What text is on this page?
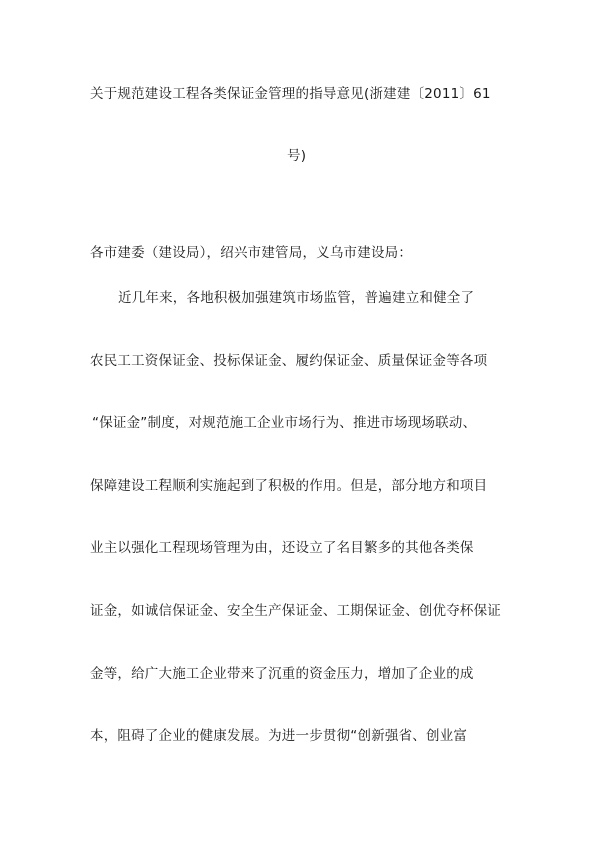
关于规范建设工程各类保证金管理的指导意见(浙建建〔2011〕61
号)
各市建委（建设局），绍兴市建管局，义乌市建设局：
近几年来，各地积极加强建筑市场监管，普遍建立和健全了
农民工工资保证金、投标保证金、履约保证金、质量保证金等各项
“保证金”制度，对规范施工企业市场行为、推进市场现场联动、
保障建设工程顺利实施起到了积极的作用。但是，部分地方和项目
业主以强化工程现场管理为由，还设立了名目繁多的其他各类保
证金，如诚信保证金、安全生产保证金、工期保证金、创优夺杯保证
金等，给广大施工企业带来了沉重的资金压力，增加了企业的成
本，阻碍了企业的健康发展。为进一步贯彻“创新强省、创业富
